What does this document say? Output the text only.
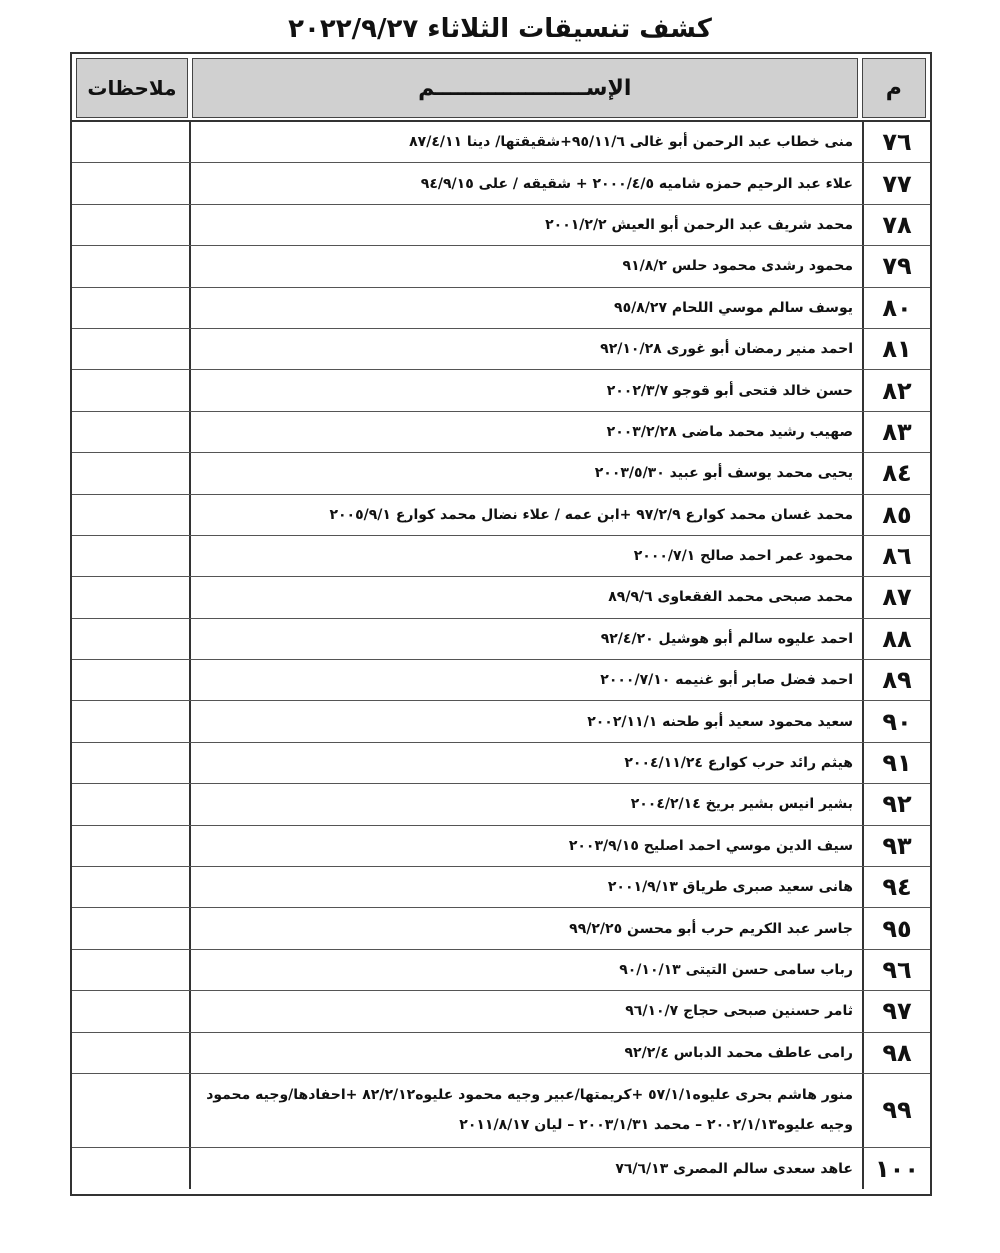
كشف تنسيقات الثلاثاء ٢٠٢٢/٩/٢٧
م
الإســــــــــــــــــــم
ملاحظات
٧٦
منى خطاب عبد الرحمن أبو غالى ٩٥/١١/٦+شقيقتها/ دينا ٨٧/٤/١١
٧٧
علاء عبد الرحيم حمزه شاميه ٢٠٠٠/٤/٥ + شقيقه / على ٩٤/٩/١٥
٧٨
محمد شريف عبد الرحمن أبو العيش ٢٠٠١/٢/٢
٧٩
محمود رشدى محمود حلس ٩١/٨/٢
٨٠
يوسف سالم موسي اللحام ٩٥/٨/٢٧
٨١
احمد منير رمضان أبو غورى ٩٢/١٠/٢٨
٨٢
حسن خالد فتحى أبو قوجو ٢٠٠٢/٣/٧
٨٣
صهيب رشيد محمد ماضى ٢٠٠٣/٢/٢٨
٨٤
يحيى محمد يوسف أبو عبيد ٢٠٠٣/٥/٣٠
٨٥
محمد غسان محمد كوارع ٩٧/٢/٩ +ابن عمه / علاء نضال محمد كوارع ٢٠٠٥/٩/١
٨٦
محمود عمر احمد صالح ٢٠٠٠/٧/١
٨٧
محمد صبحى محمد الفقعاوى ٨٩/٩/٦
٨٨
احمد عليوه سالم أبو هوشيل ٩٢/٤/٢٠
٨٩
احمد فضل صابر أبو غنيمه ٢٠٠٠/٧/١٠
٩٠
سعيد محمود سعيد أبو طحنه ٢٠٠٢/١١/١
٩١
هيثم رائد حرب كوارع ٢٠٠٤/١١/٢٤
٩٢
بشير انيس بشير بريخ ٢٠٠٤/٢/١٤
٩٣
سيف الدين موسي احمد اصليح ٢٠٠٣/٩/١٥
٩٤
هانى سعيد صبرى طرياق ٢٠٠١/٩/١٣
٩٥
جاسر عبد الكريم حرب أبو محسن ٩٩/٢/٢٥
٩٦
رباب سامى حسن التيتى ٩٠/١٠/١٣
٩٧
ثامر حسنين صبحى حجاج ٩٦/١٠/٧
٩٨
رامى عاطف محمد الدباس ٩٢/٢/٤
٩٩
منور هاشم بحرى عليوه٥٧/١/١ +كريمتها/عبير وجيه محمود عليوه٨٢/٢/١٢ +احفادها/وجيه محمود وجيه عليوه٢٠٠٢/١/١٣ – محمد ٢٠٠٣/١/٣١ – ليان ٢٠١١/٨/١٧
١٠٠
عاهد سعدى سالم المصرى ٧٦/٦/١٣
